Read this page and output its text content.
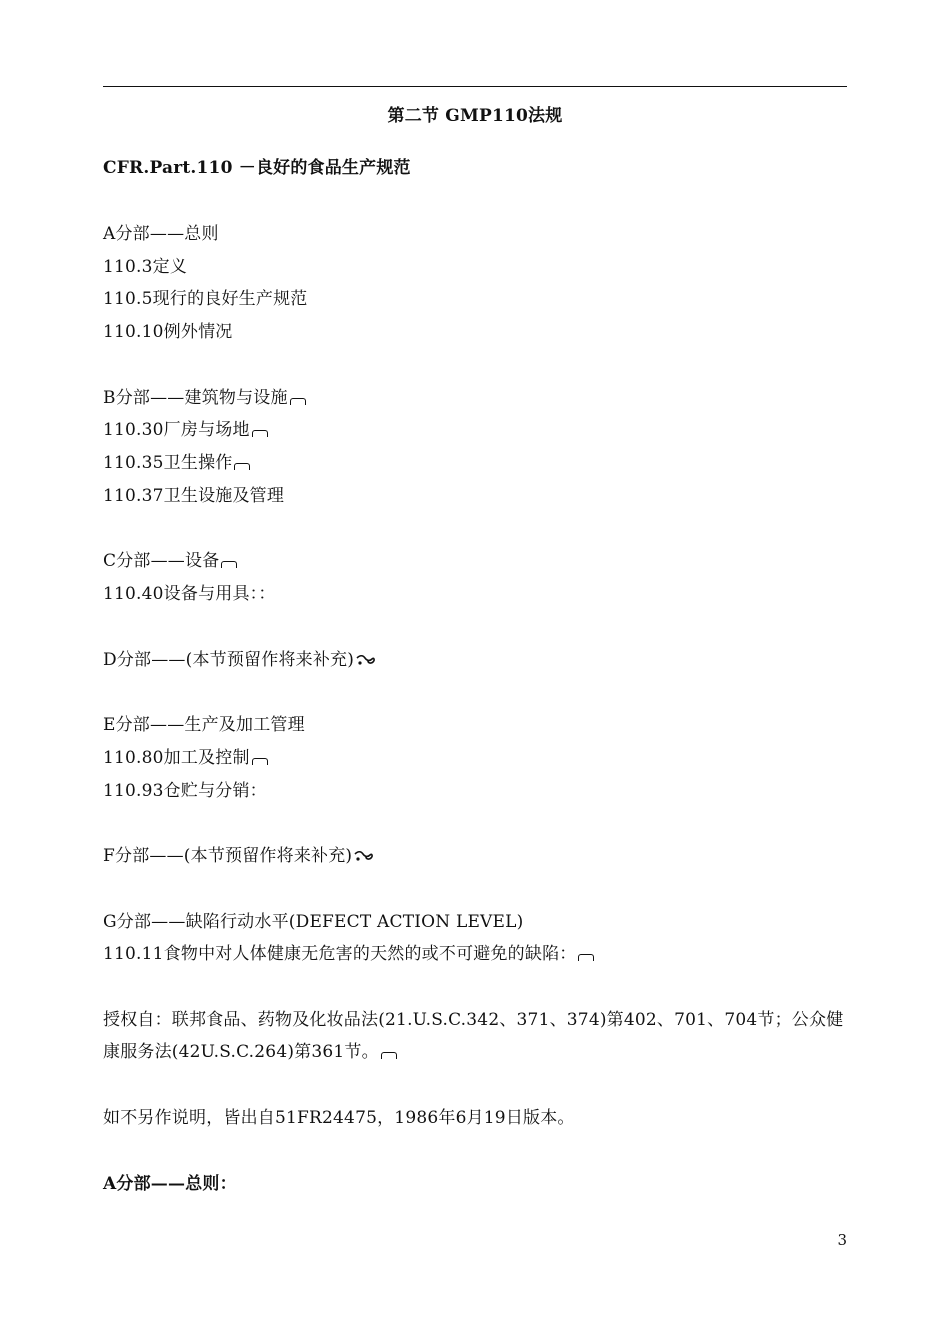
第二节 GMP110法规
CFR.Part.110 －良好的食品生产规范
A分部——总则
110.3定义
110.5现行的良好生产规范
110.10例外情况
B分部——建筑物与设施
110.30厂房与场地
110.35卫生操作
110.37卫生设施及管理
C分部——设备
110.40设备与用具：：
D分部——(本节预留作将来补充)
E分部——生产及加工管理
110.80加工及控制
110.93仓贮与分销：
F分部——(本节预留作将来补充)
G分部——缺陷行动水平(DEFECT ACTION LEVEL)
110.11食物中对人体健康无危害的天然的或不可避免的缺陷：
授权自：联邦食品、药物及化妆品法(21.U.S.C.342、371、374)第402、701、704节；公众健康服务法(42U.S.C.264)第361节。
如不另作说明，皆出自51FR24475，1986年6月19日版本。
A分部——总则：
3
